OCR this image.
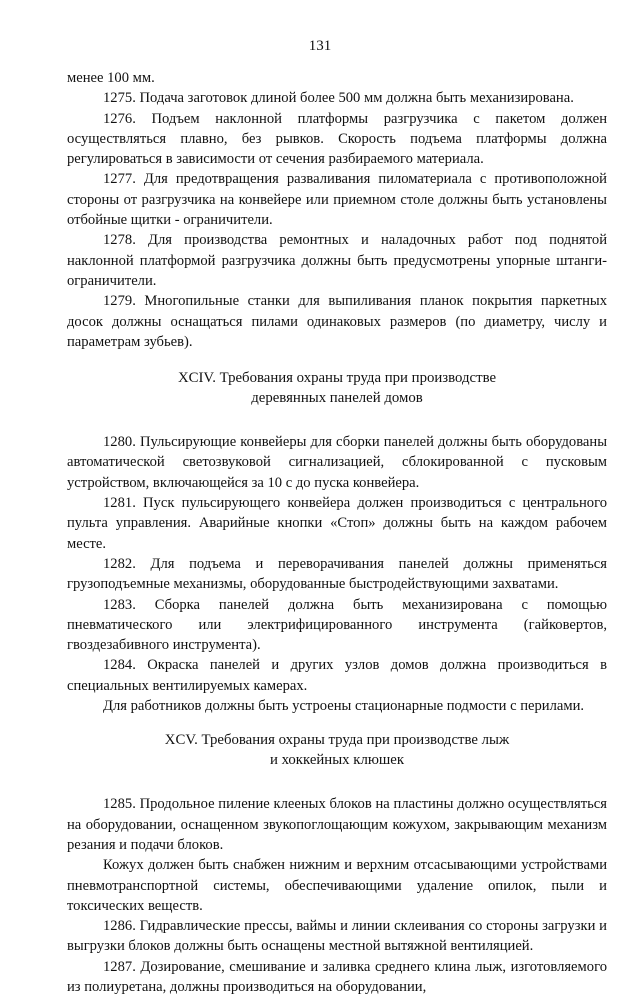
131

менее 100 мм.

1275. Подача заготовок длиной более 500 мм должна быть механизирована.

1276. Подъем наклонной платформы разгрузчика с пакетом должен осуществляться плавно, без рывков. Скорость подъема платформы должна регулироваться в зависимости от сечения разбираемого материала.

1277. Для предотвращения разваливания пиломатериала с противоположной стороны от разгрузчика на конвейере или приемном столе должны быть установлены отбойные щитки - ограничители.

1278. Для производства ремонтных и наладочных работ под поднятой наклонной платформой разгрузчика должны быть предусмотрены упорные штанги-ограничители.

1279. Многопильные станки для выпиливания планок покрытия паркетных досок должны оснащаться пилами одинаковых размеров (по диаметру, числу и параметрам зубьев).

XCIV. Требования охраны труда при производстве
деревянных панелей домов

1280. Пульсирующие конвейеры для сборки панелей должны быть оборудованы автоматической светозвуковой сигнализацией, сблокированной с пусковым устройством, включающейся за 10 с до пуска конвейера.

1281. Пуск пульсирующего конвейера должен производиться с центрального пульта управления. Аварийные кнопки «Стоп» должны быть на каждом рабочем месте.

1282. Для подъема и переворачивания панелей должны применяться грузоподъемные механизмы, оборудованные быстродействующими захватами.

1283. Сборка панелей должна быть механизирована с помощью пневматического или электрифицированного инструмента (гайковертов, гвоздезабивного инструмента).

1284. Окраска панелей и других узлов домов должна производиться в специальных вентилируемых камерах.

Для работников должны быть устроены стационарные подмости с перилами.

XCV. Требования охраны труда при производстве лыж
и хоккейных клюшек

1285. Продольное пиление клееных блоков на пластины должно осуществляться на оборудовании, оснащенном звукопоглощающим кожухом, закрывающим механизм резания и подачи блоков.

Кожух должен быть снабжен нижним и верхним отсасывающими устройствами пневмотранспортной системы, обеспечивающими удаление опилок, пыли и токсических веществ.

1286. Гидравлические прессы, ваймы и линии склеивания со стороны загрузки и выгрузки блоков должны быть оснащены местной вытяжной вентиляцией.

1287. Дозирование, смешивание и заливка среднего клина лыж, изготовляемого из полиуретана, должны производиться на оборудовании,
